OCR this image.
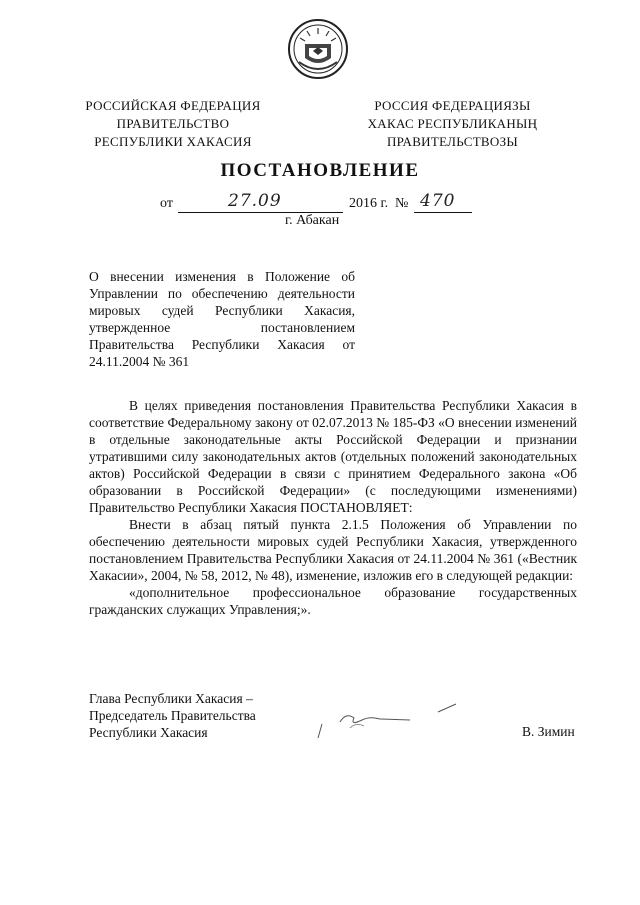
РОССИЙСКАЯ ФЕДЕРАЦИЯ
ПРАВИТЕЛЬСТВО
РЕСПУБЛИКИ ХАКАСИЯ
РОССИЯ ФЕДЕРАЦИЯЗЫ
ХАКАС РЕСПУБЛИКАНЫҢ
ПРАВИТЕЛЬСТВОЗЫ
ПОСТАНОВЛЕНИЕ
от	27.09	2016 г. № 470
г. Абакан
О внесении изменения в Положение об Управлении по обеспечению деятельности мировых судей Республики Хакасия, утвержденное постановлением Правительства Республики Хакасия от 24.11.2004 № 361

В целях приведения постановления Правительства Республики Хакасия в соответствие Федеральному закону от 02.07.2013 № 185-ФЗ «О внесении изменений в отдельные законодательные акты Российской Федерации и признании утратившими силу законодательных актов (отдельных положений законодательных актов) Российской Федерации в связи с принятием Федерального закона «Об образовании в Российской Федерации» (с последующими изменениями) Правительство Республики Хакасия ПОСТАНОВЛЯЕТ:

Внести в абзац пятый пункта 2.1.5 Положения об Управлении по обеспечению деятельности мировых судей Республики Хакасия, утвержденного постановлением Правительства Республики Хакасия от 24.11.2004 № 361 («Вестник Хакасии», 2004, № 58, 2012, № 48), изменение, изложив его в следующей редакции:

«дополнительное профессиональное образование государственных гражданских служащих Управления;».

Глава Республики Хакасия –
Председатель Правительства
Республики Хакасия	В. Зимин
